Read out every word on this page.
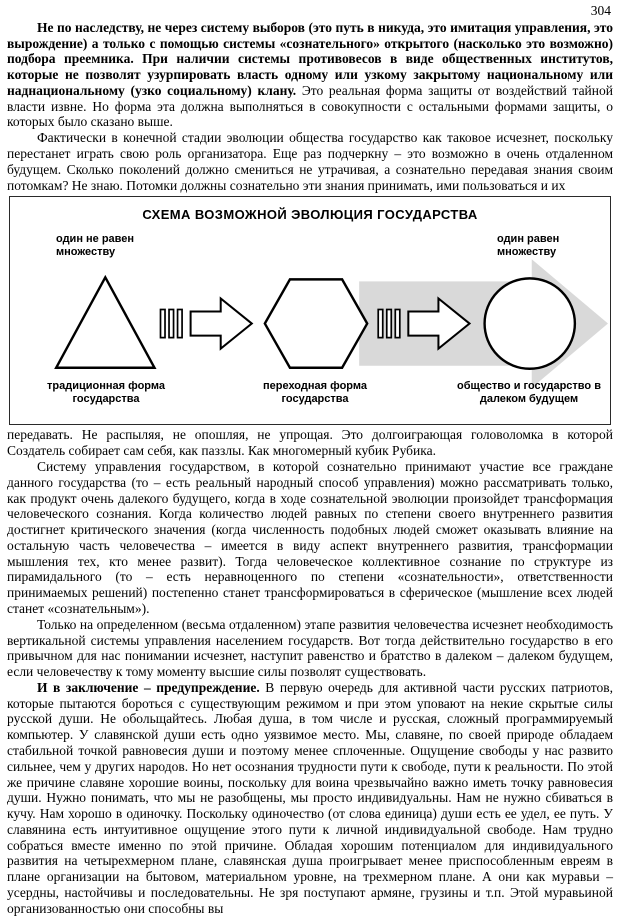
304

Не по наследству, не через систему выборов (это путь в никуда, это имитация управления, это вырождение) а только с помощью системы «сознательного» открытого (насколько это возможно) подбора преемника. При наличии системы противовесов в виде общественных институтов, которые не позволят узурпировать власть одному или узкому закрытому национальному или наднациональному (узко социальному) клану. Это реальная форма защиты от воздействий тайной власти извне. Но форма эта должна выполняться в совокупности с остальными формами защиты, о которых было сказано выше.

Фактически в конечной стадии эволюции общества государство как таковое исчезнет, поскольку перестанет играть свою роль организатора. Еще раз подчеркну – это возможно в очень отдаленном будущем. Сколько поколений должно смениться не утрачивая, а сознательно передавая знания своим потомкам? Не знаю. Потомки должны сознательно эти знания принимать, ими пользоваться и их

СХЕМА ВОЗМОЖНОЙ ЭВОЛЮЦИЯ ГОСУДАРСТВА
один не равен множеству
один равен множеству
традиционная форма государства
переходная форма государства
общество и государство в далеком будущем

передавать. Не распыляя, не опошляя, не упрощая. Это долгоиграющая головоломка в которой Создатель собирает сам себя, как паззлы. Как многомерный кубик Рубика.

Систему управления государством, в которой сознательно принимают участие все граждане данного государства (то – есть реальный народный способ управления) можно рассматривать только, как продукт очень далекого будущего, когда в ходе сознательной эволюции произойдет трансформация человеческого сознания. Когда количество людей равных по степени своего внутреннего развития достигнет критического значения (когда численность подобных людей сможет оказывать влияние на остальную часть человечества – имеется в виду аспект внутреннего развития, трансформации мышления тех, кто менее развит). Тогда человеческое коллективное сознание по структуре из пирамидального (то – есть неравноценного по степени «сознательности», ответственности принимаемых решений) постепенно станет трансформироваться в сферическое (мышление всех людей станет «сознательным»).

Только на определенном (весьма отдаленном) этапе развития человечества исчезнет необходимость вертикальной системы управления населением государств. Вот тогда действительно государство в его привычном для нас понимании исчезнет, наступит равенство и братство в далеком – далеком будущем, если человечеству к тому моменту высшие силы позволят существовать.

И в заключение – предупреждение. В первую очередь для активной части русских патриотов, которые пытаются бороться с существующим режимом и при этом уповают на некие скрытые силы русской души. Не обольщайтесь. Любая душа, в том числе и русская, сложный программируемый компьютер. У славянской души есть одно уязвимое место. Мы, славяне, по своей природе обладаем стабильной точкой равновесия души и поэтому менее сплоченные. Ощущение свободы у нас развито сильнее, чем у других народов. Но нет осознания трудности пути к свободе, пути к реальности. По этой же причине славяне хорошие воины, поскольку для воина чрезвычайно важно иметь точку равновесия души. Нужно понимать, что мы не разобщены, мы просто индивидуальны. Нам не нужно сбиваться в кучу. Нам хорошо в одиночку. Поскольку одиночество (от слова единица) души есть ее удел, ее путь. У славянина есть интуитивное ощущение этого пути к личной индивидуальной свободе. Нам трудно собраться вместе именно по этой причине. Обладая хорошим потенциалом для индивидуального развития на четырехмерном плане, славянская душа проигрывает менее приспособленным евреям в плане организации на бытовом, материальном уровне, на трехмерном плане. А они как муравьи – усердны, настойчивы и последовательны. Не зря поступают армяне, грузины и т.п. Этой муравьиной организованностью они способны вы
